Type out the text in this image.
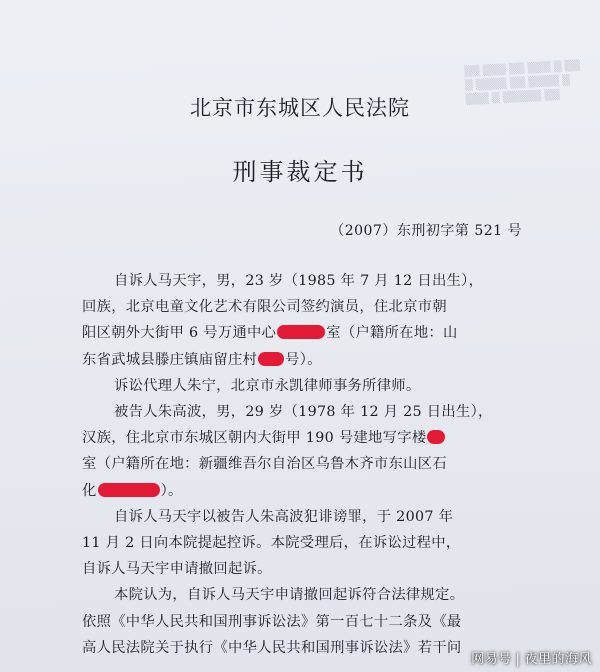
▒▒ ▒▒▒ ▒▒ ▒▒▒ ▒ ▒▒
▒ ▒▒▒▒ ▒▒ ▒▒▒▒ ▒
▒▒▒ ▒ ▒▒▒▒▒ ▒▒
北京市东城区人民法院
刑事裁定书
（2007）东刑初字第 521 号
自诉人马天宇，男，23 岁（1985 年 7 月 12 日出生），
回族，北京电童文化艺术有限公司签约演员，住北京市朝
阳区朝外大街甲 6 号万通中心	室（户籍所在地：山
东省武城县滕庄镇庙留庄村 号）。
诉讼代理人朱宁，北京市永凯律师事务所律师。
被告人朱高波，男，29 岁（1978 年 12 月 25 日出生），
汉族，住北京市东城区朝内大街甲 190 号建地写字楼
室（户籍所在地：新疆维吾尔自治区乌鲁木齐市东山区石
化	）。
自诉人马天宇以被告人朱高波犯诽谤罪，于 2007 年
11 月 2 日向本院提起控诉。本院受理后，在诉讼过程中，
自诉人马天宇申请撤回起诉。
本院认为，自诉人马天宇申请撤回起诉符合法律规定。
依照《中华人民共和国刑事诉讼法》第一百七十二条及《最
高人民法院关于执行《中华人民共和国刑事诉讼法》若干问
网易号 | 夜里的海风
